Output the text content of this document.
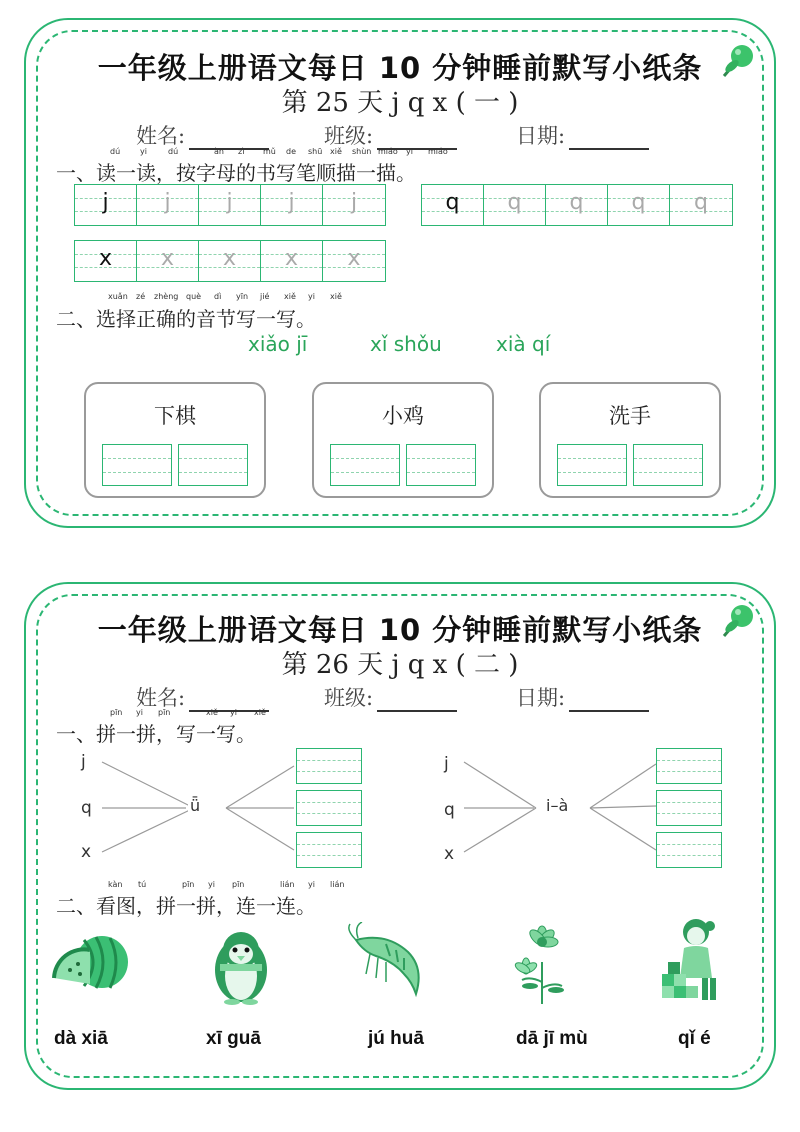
一年级上册语文每日 10 分钟睡前默写小纸条
第 25 天 j q x ( 一 )
姓名:	班级:	日期:
dú yi	dú	àn zì mǔ de shū xiě shùn miáo yi miáo
一、读一读，按字母的书写笔顺描一描。
j	j	j	j	j	q	q	q	q	q
x	x	x	x	x
xuǎn zé zhèng què dì yīn jié xiě yi xiě
二、选择正确的音节写一写。
xiǎo jī	xǐ shǒu	xià qí
下棋	小鸡	洗手
一年级上册语文每日 10 分钟睡前默写小纸条
第 26 天 j q x ( 二 )
姓名:	班级:	日期:
pīn yi pīn	xiě yi xiě
一、拼一拼，写一写。
j
q
x
ǖ
j
q
x
i–à
kàn tú	pīn yi pīn	lián yi lián
二、看图，拼一拼，连一连。
dà xiā	xī guā	jú huā	dā jī mù	qǐ é
